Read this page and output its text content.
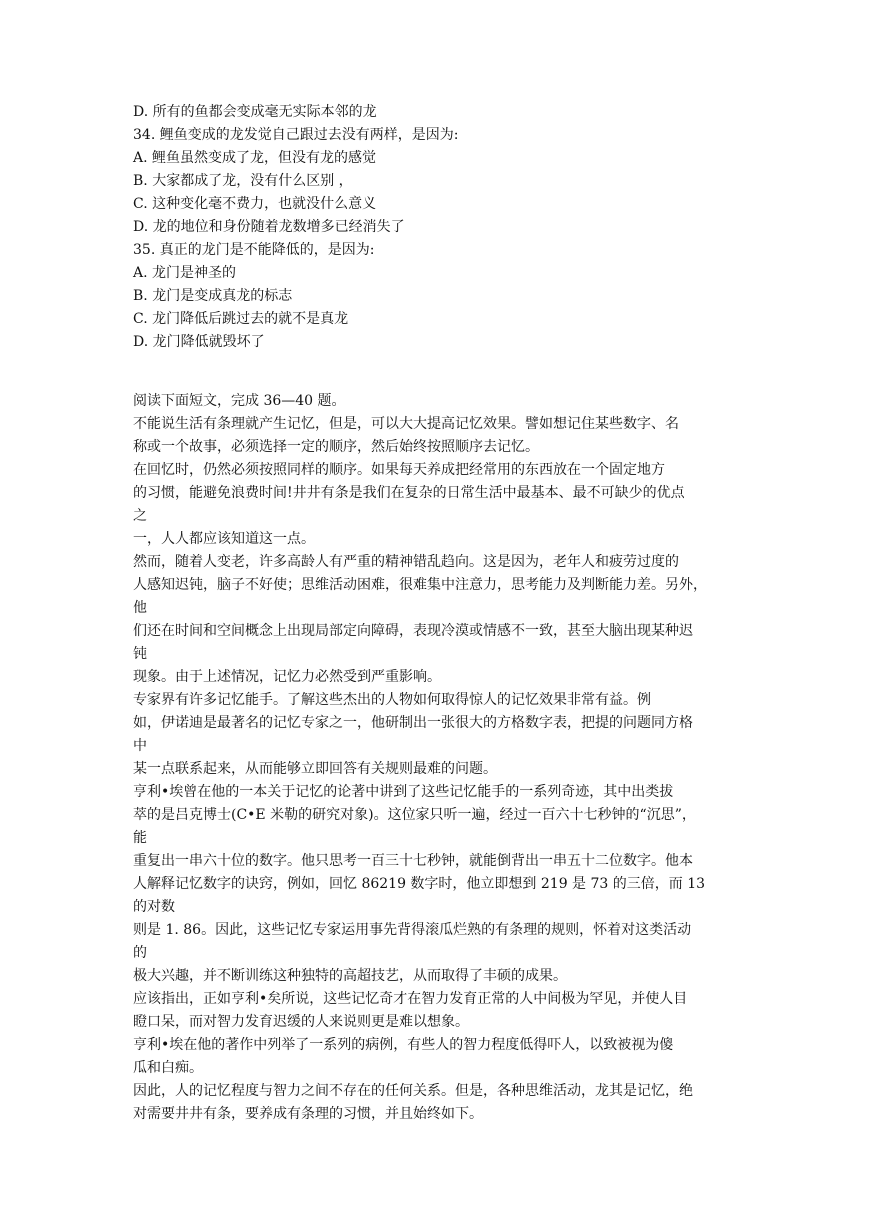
D. 所有的鱼都会变成毫无实际本邻的龙
34. 鲤鱼变成的龙发觉自己跟过去没有两样，是因为:
A. 鲤鱼虽然变成了龙，但没有龙的感觉
B. 大家都成了龙，没有什么区别 ，
C. 这种变化毫不费力，也就没什么意义
D. 龙的地位和身份随着龙数增多已经消失了
35. 真正的龙门是不能降低的，是因为:
A. 龙门是神圣的
B. 龙门是变成真龙的标志
C. 龙门降低后跳过去的就不是真龙
D. 龙门降低就毁坏了
阅读下面短文，完成 36—40 题。
不能说生活有条理就产生记忆，但是，可以大大提高记忆效果。譬如想记住某些数字、名
称或一个故事，必须选择一定的顺序，然后始终按照顺序去记忆。
在回忆时，仍然必须按照同样的顺序。如果每天养成把经常用的东西放在一个固定地方
的习惯，能避免浪费时间!井井有条是我们在复杂的日常生活中最基本、最不可缺少的优点
之
一，人人都应该知道这一点。
然而，随着人变老，许多高龄人有严重的精神错乱趋向。这是因为，老年人和疲劳过度的
人感知迟钝，脑子不好使；思维活动困难，很难集中注意力，思考能力及判断能力差。另外，
他
们还在时间和空间概念上出现局部定向障碍，表现冷漠或情感不一致，甚至大脑出现某种迟
钝
现象。由于上述情况，记忆力必然受到严重影响。
专家界有许多记忆能手。了解这些杰出的人物如何取得惊人的记忆效果非常有益。例
如，伊诺迪是最著名的记忆专家之一，他研制出一张很大的方格数字表，把提的问题同方格
中
某一点联系起来，从而能够立即回答有关规则最难的问题。
亨利•埃曾在他的一本关于记忆的论著中讲到了这些记忆能手的一系列奇迹，其中出类拔
萃的是吕克博士(C•E 米勒的研究对象)。这位家只听一遍，经过一百六十七秒钟的“沉思”，
能
重复出一串六十位的数字。他只思考一百三十七秒钟，就能倒背出一串五十二位数字。他本
人解释记忆数字的诀窍，例如，回忆 86219 数字时，他立即想到 219 是 73 的三倍，而 13
的对数
则是 1. 86。因此，这些记忆专家运用事先背得滚瓜烂熟的有条理的规则，怀着对这类活动
的
极大兴趣，并不断训练这种独特的高超技艺，从而取得了丰硕的成果。
应该指出，正如亨利•矣所说，这些记忆奇才在智力发育正常的人中间极为罕见，并使人目
瞪口呆，而对智力发育迟缓的人来说则更是难以想象。
亨利•埃在他的著作中列举了一系列的病例，有些人的智力程度低得吓人，以致被视为傻
瓜和白痴。
因此，人的记忆程度与智力之间不存在的任何关系。但是，各种思维活动，龙其是记忆，绝
对需要井井有条，要养成有条理的习惯，并且始终如下。
